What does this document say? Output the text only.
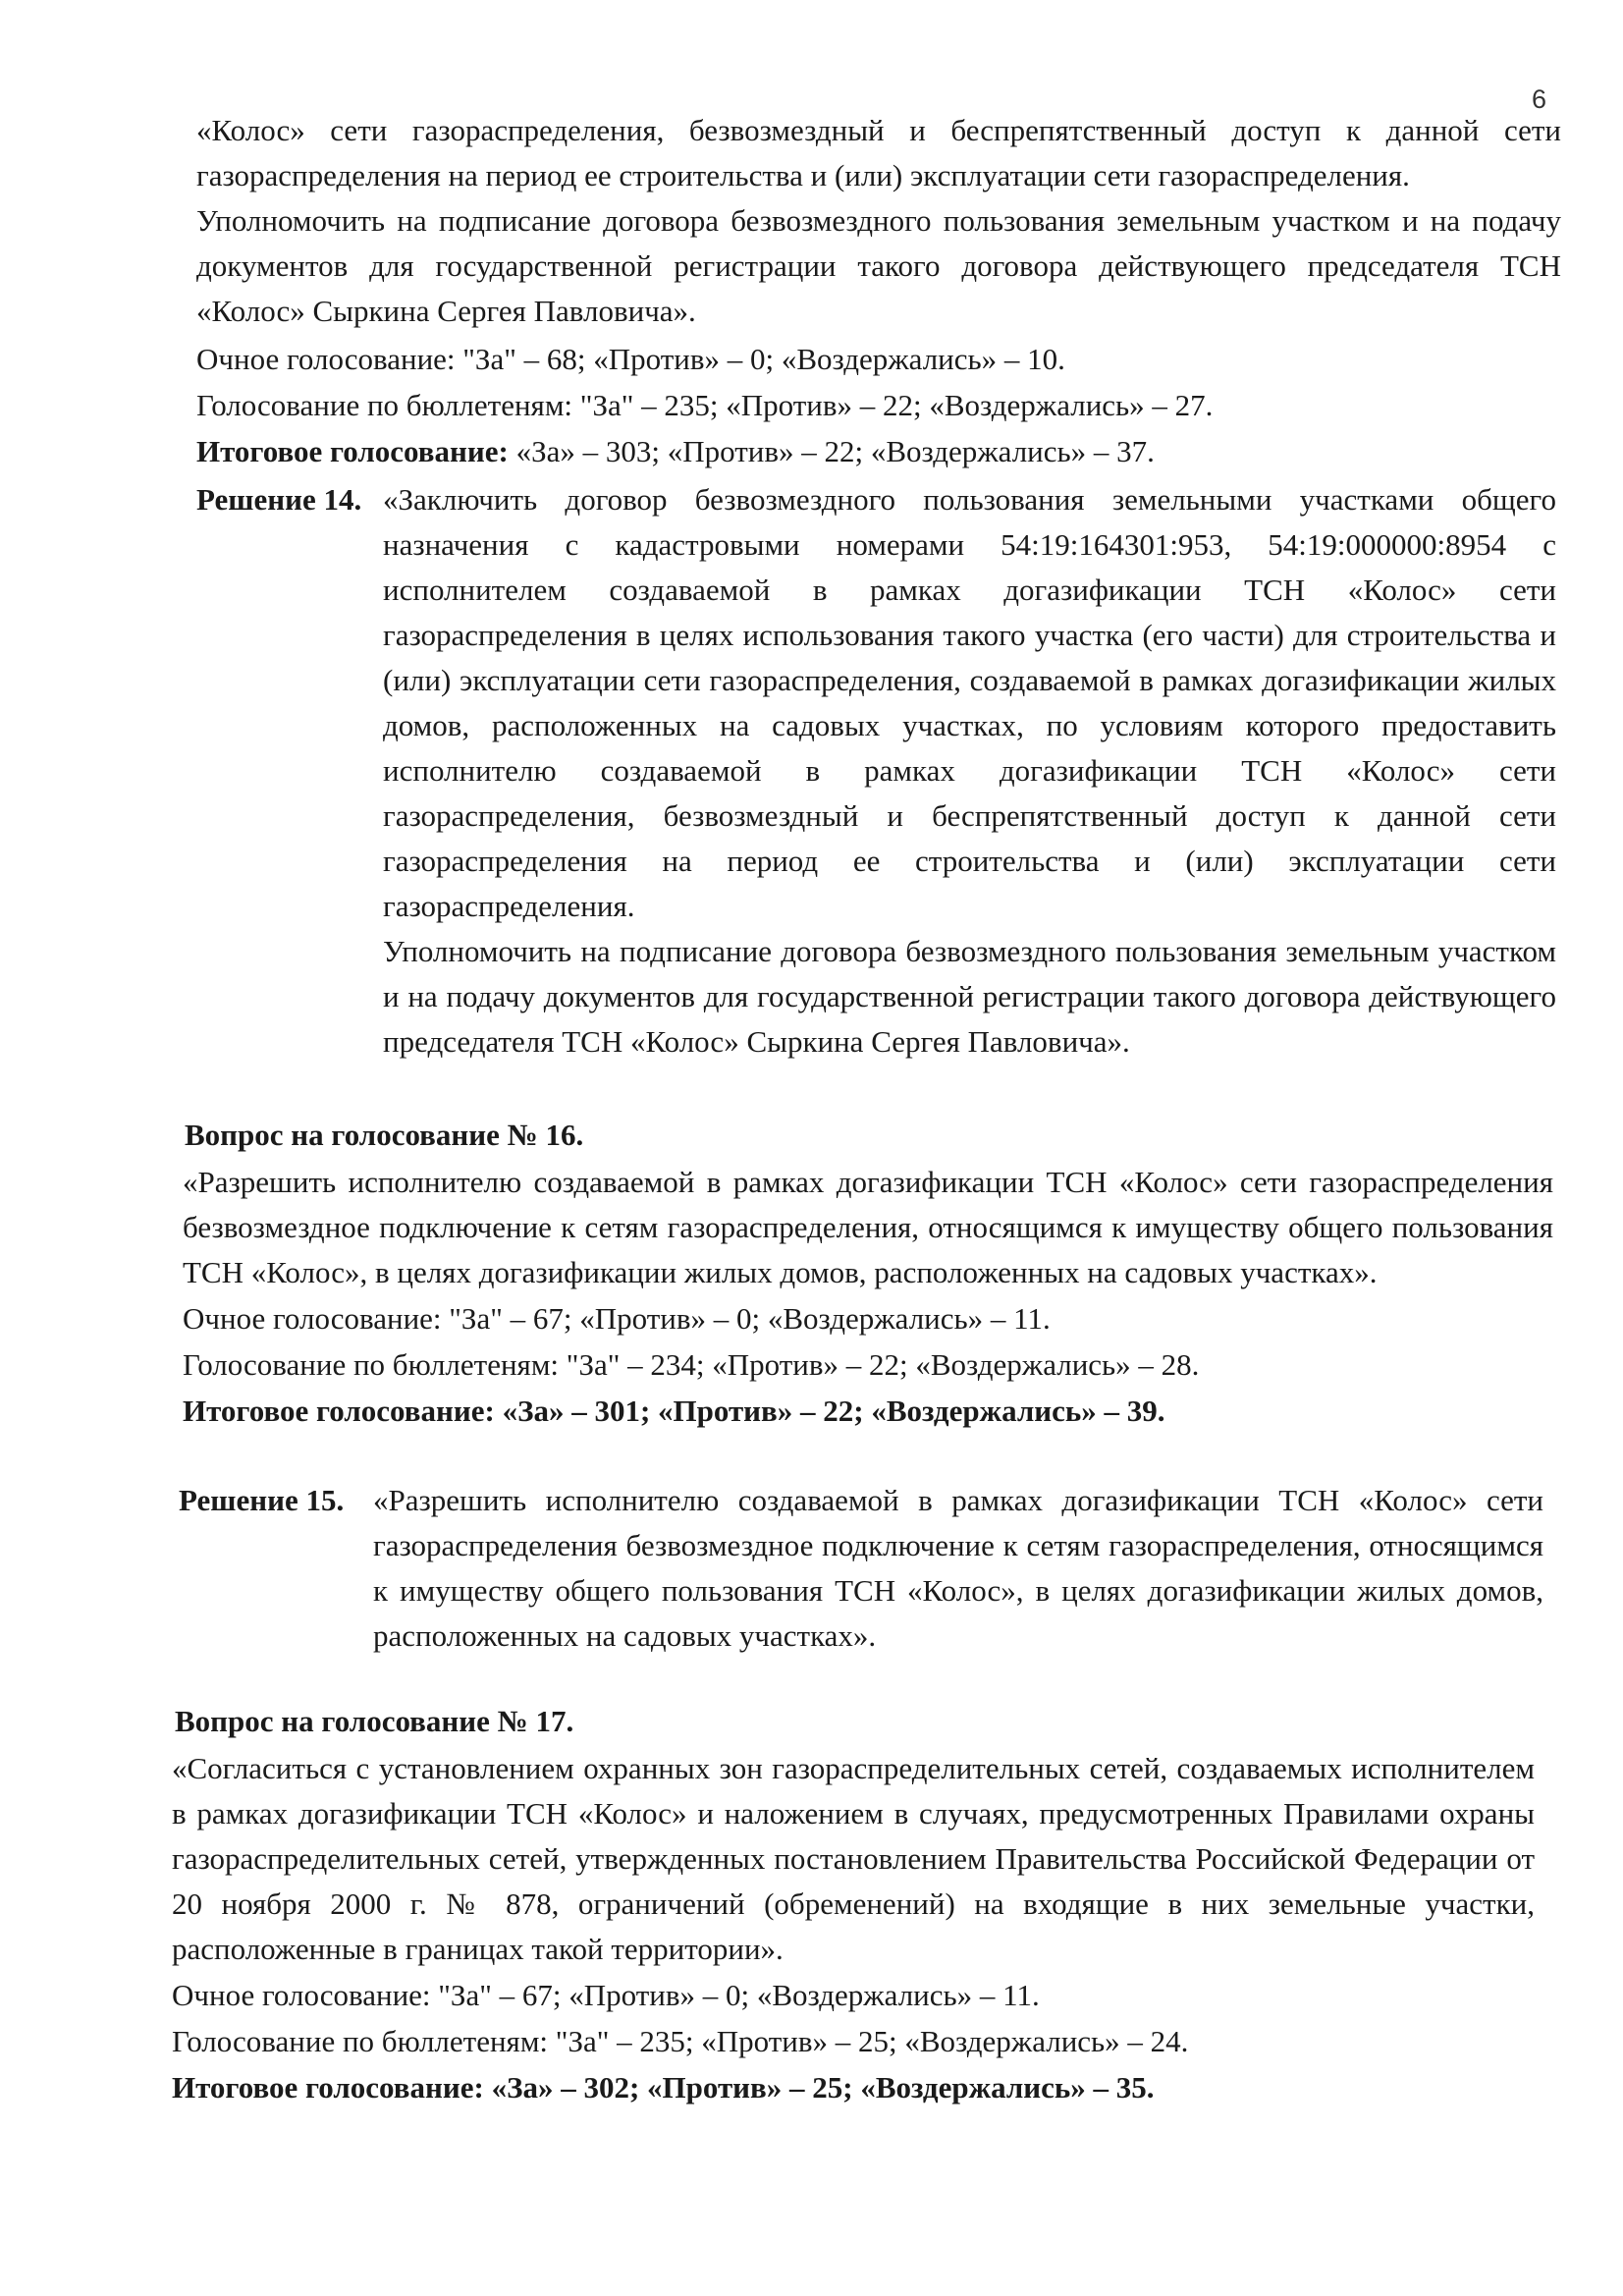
6

«Колос» сети газораспределения, безвозмездный и беспрепятственный доступ к данной сети газораспределения на период ее строительства и (или) эксплуатации сети газораспределения.

Уполномочить на подписание договора безвозмездного пользования земельным участком и на подачу документов для государственной регистрации такого договора действующего председателя ТСН «Колос» Сыркина Сергея Павловича».

Очное голосование: "За" – 68; «Против» – 0; «Воздержались» – 10.
Голосование по бюллетеням: "За" – 235; «Против» – 22; «Воздержались» – 27.
Итоговое голосование: «За» – 303; «Против» – 22; «Воздержались» – 37.
Решение 14. «Заключить договор безвозмездного пользования земельными участками общего назначения с кадастровыми номерами 54:19:164301:953, 54:19:000000:8954 с исполнителем создаваемой в рамках догазификации ТСН «Колос» сети газораспределения в целях использования такого участка (его части) для строительства и (или) эксплуатации сети газораспределения, создаваемой в рамках догазификации жилых домов, расположенных на садовых участках, по условиям которого предоставить исполнителю создаваемой в рамках догазификации ТСН «Колос» сети газораспределения, безвозмездный и беспрепятственный доступ к данной сети газораспределения на период ее строительства и (или) эксплуатации сети газораспределения.

Уполномочить на подписание договора безвозмездного пользования земельным участком и на подачу документов для государственной регистрации такого договора действующего председателя ТСН «Колос» Сыркина Сергея Павловича».

Вопрос на голосование № 16.

«Разрешить исполнителю создаваемой в рамках догазификации ТСН «Колос» сети газораспределения безвозмездное подключение к сетям газораспределения, относящимся к имуществу общего пользования ТСН «Колос», в целях догазификации жилых домов, расположенных на садовых участках».

Очное голосование: "За" – 67; «Против» – 0; «Воздержались» – 11.
Голосование по бюллетеням: "За" – 234; «Против» – 22; «Воздержались» – 28.
Итоговое голосование: «За» – 301; «Против» – 22; «Воздержались» – 39.
Решение 15. «Разрешить исполнителю создаваемой в рамках догазификации ТСН «Колос» сети газораспределения безвозмездное подключение к сетям газораспределения, относящимся к имуществу общего пользования ТСН «Колос», в целях догазификации жилых домов, расположенных на садовых участках».

Вопрос на голосование № 17.

«Согласиться с установлением охранных зон газораспределительных сетей, создаваемых исполнителем в рамках догазификации ТСН «Колос» и наложением в случаях, предусмотренных Правилами охраны газораспределительных сетей, утвержденных постановлением Правительства Российской Федерации от 20 ноября 2000 г. № 878, ограничений (обременений) на входящие в них земельные участки, расположенные в границах такой территории».

Очное голосование: "За" – 67; «Против» – 0; «Воздержались» – 11.
Голосование по бюллетеням: "За" – 235; «Против» – 25; «Воздержались» – 24.
Итоговое голосование: «За» – 302; «Против» – 25; «Воздержались» – 35.
